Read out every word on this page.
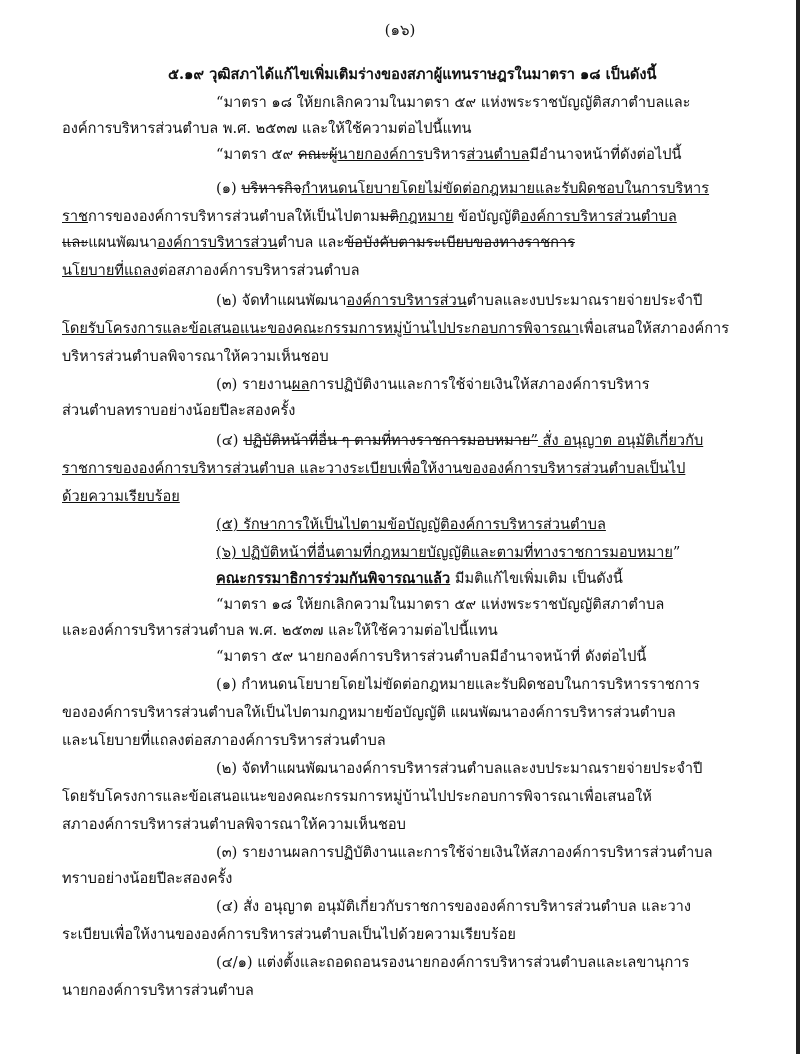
(๑๖)
๕.๑๙ วุฒิสภาได้แก้ไขเพิ่มเติมร่างของสภาผู้แทนราษฎรในมาตรา ๑๘ เป็นดังนี้
“มาตรา ๑๘ ให้ยกเลิกความในมาตรา ๕๙ แห่งพระราชบัญญัติสภาตำบลและ
องค์การบริหารส่วนตำบล พ.ศ. ๒๕๓๗ และให้ใช้ความต่อไปนี้แทน
“มาตรา ๕๙ คณะผู้นายกองค์การบริหารส่วนตำบลมีอำนาจหน้าที่ดังต่อไปนี้
(๑) บริหารกิจกำหนดนโยบายโดยไม่ขัดต่อกฎหมายและรับผิดชอบในการบริหาร
ราชการขององค์การบริหารส่วนตำบลให้เป็นไปตามมติกฎหมาย ข้อบัญญัติองค์การบริหารส่วนตำบล
และแผนพัฒนาองค์การบริหารส่วนตำบล และข้อบังคับตามระเบียบของทางราชการ
นโยบายที่แถลงต่อสภาองค์การบริหารส่วนตำบล
(๒) จัดทำแผนพัฒนาองค์การบริหารส่วนตำบลและงบประมาณรายจ่ายประจำปี
โดยรับโครงการและข้อเสนอแนะของคณะกรรมการหมู่บ้านไปประกอบการพิจารณาเพื่อเสนอให้สภาองค์การ
บริหารส่วนตำบลพิจารณาให้ความเห็นชอบ
(๓) รายงานผลการปฏิบัติงานและการใช้จ่ายเงินให้สภาองค์การบริหาร
ส่วนตำบลทราบอย่างน้อยปีละสองครั้ง
(๔) ปฏิบัติหน้าที่อื่น ๆ ตามที่ทางราชการมอบหมาย” สั่ง อนุญาต อนุมัติเกี่ยวกับ
ราชการขององค์การบริหารส่วนตำบล และวางระเบียบเพื่อให้งานขององค์การบริหารส่วนตำบลเป็นไป
ด้วยความเรียบร้อย
(๕) รักษาการให้เป็นไปตามข้อบัญญัติองค์การบริหารส่วนตำบล
(๖) ปฏิบัติหน้าที่อื่นตามที่กฎหมายบัญญัติและตามที่ทางราชการมอบหมาย”
คณะกรรมาธิการร่วมกันพิจารณาแล้ว มีมติแก้ไขเพิ่มเติม เป็นดังนี้
“มาตรา ๑๘ ให้ยกเลิกความในมาตรา ๕๙ แห่งพระราชบัญญัติสภาตำบล
และองค์การบริหารส่วนตำบล พ.ศ. ๒๕๓๗ และให้ใช้ความต่อไปนี้แทน
“มาตรา ๕๙ นายกองค์การบริหารส่วนตำบลมีอำนาจหน้าที่ ดังต่อไปนี้
(๑) กำหนดนโยบายโดยไม่ขัดต่อกฎหมายและรับผิดชอบในการบริหารราชการ
ขององค์การบริหารส่วนตำบลให้เป็นไปตามกฎหมายข้อบัญญัติ แผนพัฒนาองค์การบริหารส่วนตำบล
และนโยบายที่แถลงต่อสภาองค์การบริหารส่วนตำบล
(๒) จัดทำแผนพัฒนาองค์การบริหารส่วนตำบลและงบประมาณรายจ่ายประจำปี
โดยรับโครงการและข้อเสนอแนะของคณะกรรมการหมู่บ้านไปประกอบการพิจารณาเพื่อเสนอให้
สภาองค์การบริหารส่วนตำบลพิจารณาให้ความเห็นชอบ
(๓) รายงานผลการปฏิบัติงานและการใช้จ่ายเงินให้สภาองค์การบริหารส่วนตำบล
ทราบอย่างน้อยปีละสองครั้ง
(๔) สั่ง อนุญาต อนุมัติเกี่ยวกับราชการขององค์การบริหารส่วนตำบล และวาง
ระเบียบเพื่อให้งานขององค์การบริหารส่วนตำบลเป็นไปด้วยความเรียบร้อย
(๔/๑) แต่งตั้งและถอดถอนรองนายกองค์การบริหารส่วนตำบลและเลขานุการ
นายกองค์การบริหารส่วนตำบล
